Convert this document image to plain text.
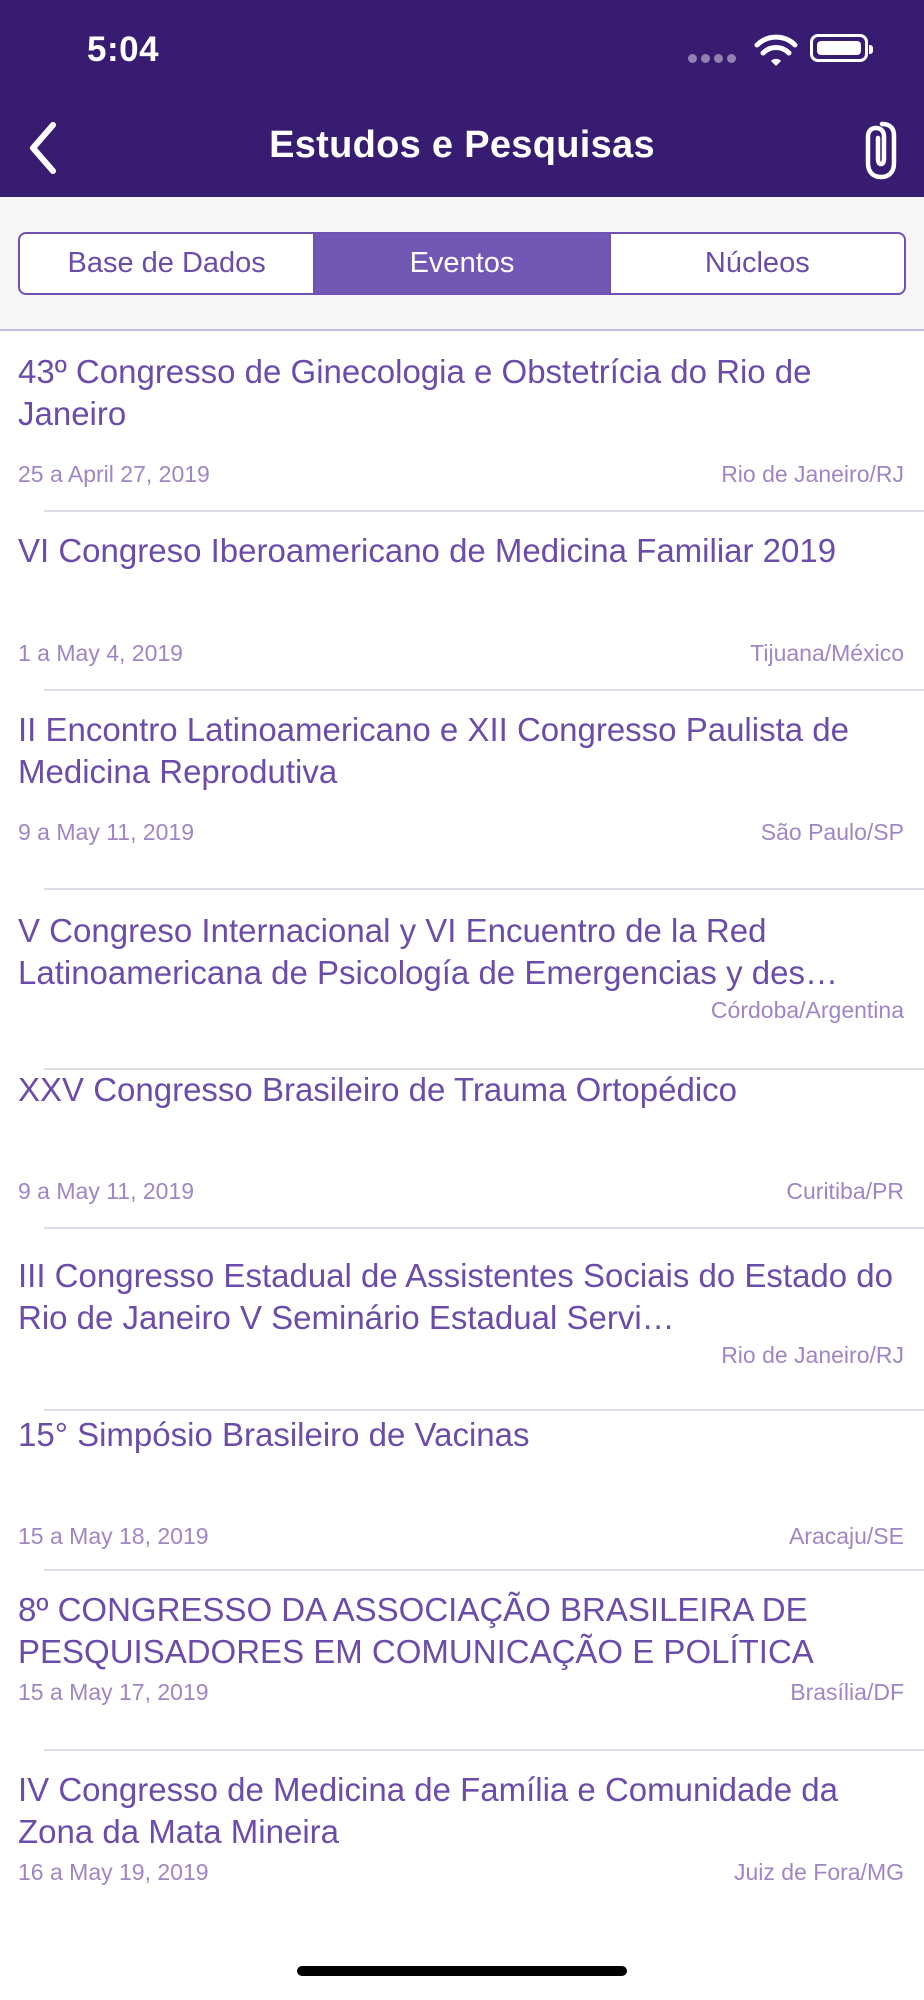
5:04
Estudos e Pesquisas
Base de Dados	Eventos	Núcleos
43º Congresso de Ginecologia e Obstetrícia do Rio de Janeiro
25 a April 27, 2019	Rio de Janeiro/RJ
VI Congreso Iberoamericano de Medicina Familiar 2019
1 a May 4, 2019	Tijuana/México
II Encontro Latinoamericano e XII Congresso Paulista de Medicina Reprodutiva
9 a May 11, 2019	São Paulo/SP
V Congreso Internacional y VI Encuentro de la Red Latinoamericana de Psicología de Emergencias y des…
Córdoba/Argentina
XXV Congresso Brasileiro de Trauma Ortopédico
9 a May 11, 2019	Curitiba/PR
III Congresso Estadual de Assistentes Sociais do Estado do Rio de Janeiro V Seminário Estadual Servi…
Rio de Janeiro/RJ
15° Simpósio Brasileiro de Vacinas
15 a May 18, 2019	Aracaju/SE
8º CONGRESSO DA ASSOCIAÇÃO BRASILEIRA DE PESQUISADORES EM COMUNICAÇÃO E POLÍTICA
15 a May 17, 2019	Brasília/DF
IV Congresso de Medicina de Família e Comunidade da Zona da Mata Mineira
16 a May 19, 2019	Juiz de Fora/MG
